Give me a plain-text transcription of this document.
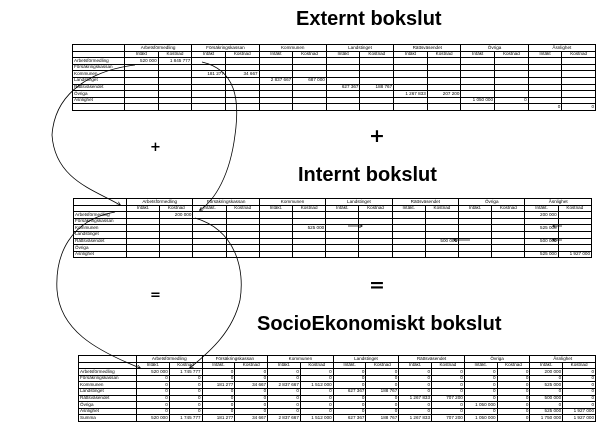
Externt bokslut
Internt bokslut
SocioEkonomiskt bokslut
+
+
=
=
	Arbetsförmedling		Försäkringskassan		Kommunen		Landstinget		Rättsväsendet		Övriga		Åsnlighet	
	Intäkt	Kostnad	Intäkt	Kostnad	Intäkt	Kostnad	Intäkt	Kostnad	Intäkt	Kostnad	Intäkt	Kostnad	Intäkt	Kostnad
Arbetsförmedling	520 000	1 845 777												
Försäkringskassan														
Kommunen			181 277	34 667										
Landstinget					2 837 667	687 000								
Rättsväsendet							627 367	188 767						
Övriga									1 267 833	207 200				
Åsnlighet											1 050 000	0		
													0	0
	Arbetsförmedling		Försäkringskassan		Kommunen		Landstinget		Rättsväsendet		Övriga		Åsnlighet	
	Intäkt.	Kostnad	Intäkt.	Kostnad	Intäkt.	Kostnad	Intäkt.	Kostnad	Intäkt.	Kostnad	Intäkt.	Kostnad	Intäkt.	Kostnad
Arbetsförmedling		200 000											200 000	
Försäkringskassan														
Kommunen						525 000							525 000	
Landstinget														
Rättsväsendet										500 000			500 000	
Övriga														
Åsnlighet													525 000	1 927 000
	Arbetsförmedling		Försäkringskassan		Kommunen		Landstinget		Rättsväsendet		Övriga		Åsnlighet	
	Intäkt.	Kostnad	Intäkt.	Kostnad	Intäkt.	Kostnad	Intäkt.	Kostnad	Intäkt.	Kostnad	Intäkt.	Kostnad	Intäkt.	Kostnad
Arbetsförmedling	520 000	1 745 777	0	0	0	0	0	0	0	0	0	0	200 000	0
Försäkringskassan	0	0	0	0	0	0	0	0	0	0	0	0	0	0
Kommunen	0	0	181 277	34 667	2 837 667	1 512 000	0	0	0	0	0	0	525 000	0
Landstinget	0	0	0	0	0	0	627 367	188 767	0	0	0	0	0	0
Rättsväsendet	0	0	0	0	0	0	0	0	1 267 833	707 200	0	0	500 000	0
Övriga	0	0	0	0	0	0	0	0	0	0	1 050 000	0	0	0
Åsnlighet	0	0	0	0	0	0	0	0	0	0	0	0	525 000	1 927 000
Summa	520 000	1 745 777	181 277	34 667	2 837 667	1 512 000	627 367	188 767	1 267 833	707 200	1 050 000	0	1 750 000	1 927 000
